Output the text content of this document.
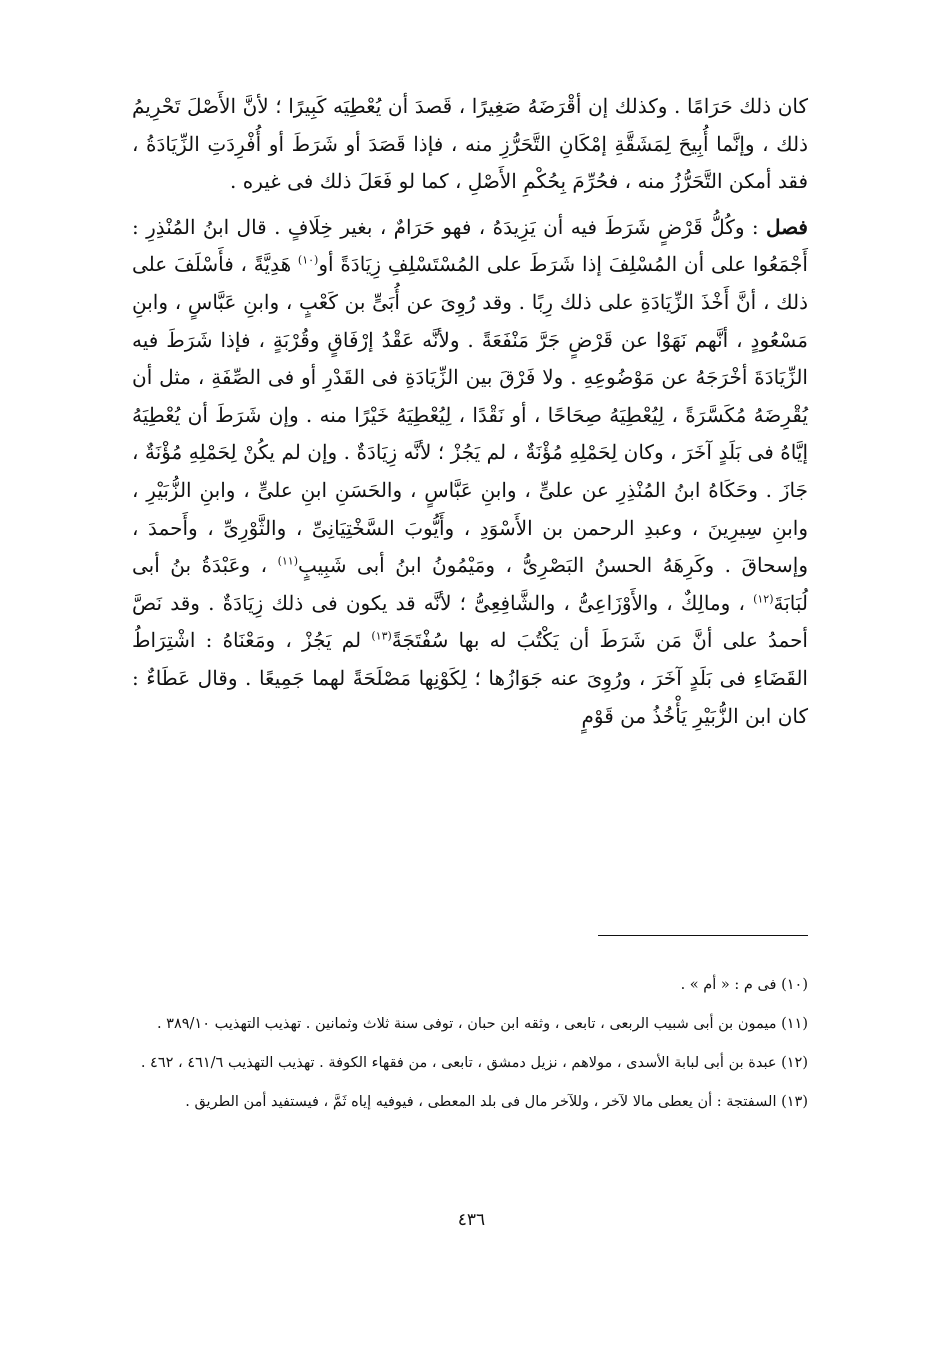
كان ذلك حَرَامًا . وكذلك إن أقْرَضَهُ صَغِيرًا ، قَصدَ أن يُعْطِيَه كَبِيرًا ؛ لأنَّ الأَصْلَ تَحْرِيمُ ذلك ، وإنَّما أُبِيحَ لِمَشَقَّةِ إمْكَانِ التَّحَرُّزِ منه ، فإذا قَصَدَ أو شَرَطَ أو أُفْرِدَتِ الزِّيَادَةُ ، فقد أمكن التَّحَرُّزُ منه ، فحُرِّمَ بِحُكْمِ الأَصْلِ ، كما لو فَعَلَ ذلك فى غيره .

فصل : وكُلُّ قَرْضٍ شَرَطَ فيه أن يَزِيدَهُ ، فهو حَرَامٌ ، بغير خِلَافٍ . قال ابنُ المُنْذِرِ : أَجْمَعُوا على أن المُسْلِفَ إذا شَرَطَ على المُسْتَسْلِفِ زِيَادَةً أو$^{(١٠)}$ هَدِيَّةً ، فأَسْلَفَ على ذلك ، أنَّ أَخْذَ الزِّيَادَةِ على ذلك رِبًا . وقد رُوِىَ عن أُبَىٍّ بن كَعْبٍ ، وابنِ عَبَّاسٍ ، وابنِ مَسْعُودٍ ، أنَّهم نَهَوْا عن قَرْضٍ جَرَّ مَنْفَعَةً . ولأنَّه عَقْدُ إرْفَاقٍ وقُرْبَةٍ ، فإذا شَرَطَ فيه الزِّيَادَةَ أخْرَجَهُ عن مَوْضُوعِهِ . ولا فَرْقَ بين الزِّيَادَةِ فى القَدْرِ أو فى الصِّفَةِ ، مثل أن يُقْرِضَهُ مُكَسَّرَةً ، لِيُعْطِيَهُ صِحَاحًا ، أو نَقْدًا ، لِيُعْطِيَهُ خَيْرًا منه . وإن شَرَطَ أن يُعْطِيَهُ إيَّاهُ فى بَلَدٍ آخَرَ ، وكان لِحَمْلِهِ مُؤْنَةٌ ، لم يَجُزْ ؛ لأنَّه زِيَادَةٌ . وإن لم يكُنْ لِحَمْلِهِ مُؤْنَةٌ ، جَازَ . وحَكَاهُ ابنُ المُنْذِرِ عن علىٍّ ، وابنِ عَبَّاسٍ ، والحَسَنِ ابنِ علىٍّ ، وابنِ الزُّبَيْرِ ، وابنِ سِيرِينَ ، وعبدِ الرحمن بن الأَسْوَدِ ، وأَيُّوبَ السَّخْتِيَانِىِّ ، والثَّوْرِىِّ ، وأَحمدَ ، وإسحاقَ . وكَرِهَهُ الحسنُ البَصْرِىُّ ، ومَيْمُونُ ابنُ أبى شَبِيبٍ$^{(١١)}$ ، وعَبْدَةُ بنُ أبى لُبَابَةَ$^{(١٢)}$ ، ومالِكٌ ، والأَوْزَاعِىُّ ، والشَّافِعِىُّ ؛ لأنَّه قد يكون فى ذلك زِيَادَةٌ . وقد نَصَّ أحمدُ على أنَّ مَن شَرَطَ أن يَكْتُبَ له بها سُفْتَجَةً$^{(١٣)}$ لم يَجُزْ ، ومَعْنَاهُ : اشْتِرَاطُ القَضَاءِ فى بَلَدٍ آخَرَ ، ورُوِىَ عنه جَوَازُها ؛ لِكَوْنِها مَصْلَحَةً لهما جَمِيعًا . وقال عَطَاءٌ : كان ابن الزُّبَيْرِ يَأْخُذُ من قَوْمٍ

(١٠) فى م : « أم » .

(١١) ميمون بن أبى شبيب الربعى ، تابعى ، وثقه ابن حبان ، توفى سنة ثلاث وثمانين . تهذيب التهذيب ٣٨٩/١٠ .

(١٢) عبدة بن أبى لبابة الأسدى ، مولاهم ، نزيل دمشق ، تابعى ، من فقهاء الكوفة . تهذيب التهذيب ٤٦١/٦ ، ٤٦٢ .

(١٣) السفتجة : أن يعطى مالا لآخر ، وللآخر مال فى بلد المعطى ، فيوفيه إياه ثَمَّ ، فيستفيد أمن الطريق .

٤٣٦
